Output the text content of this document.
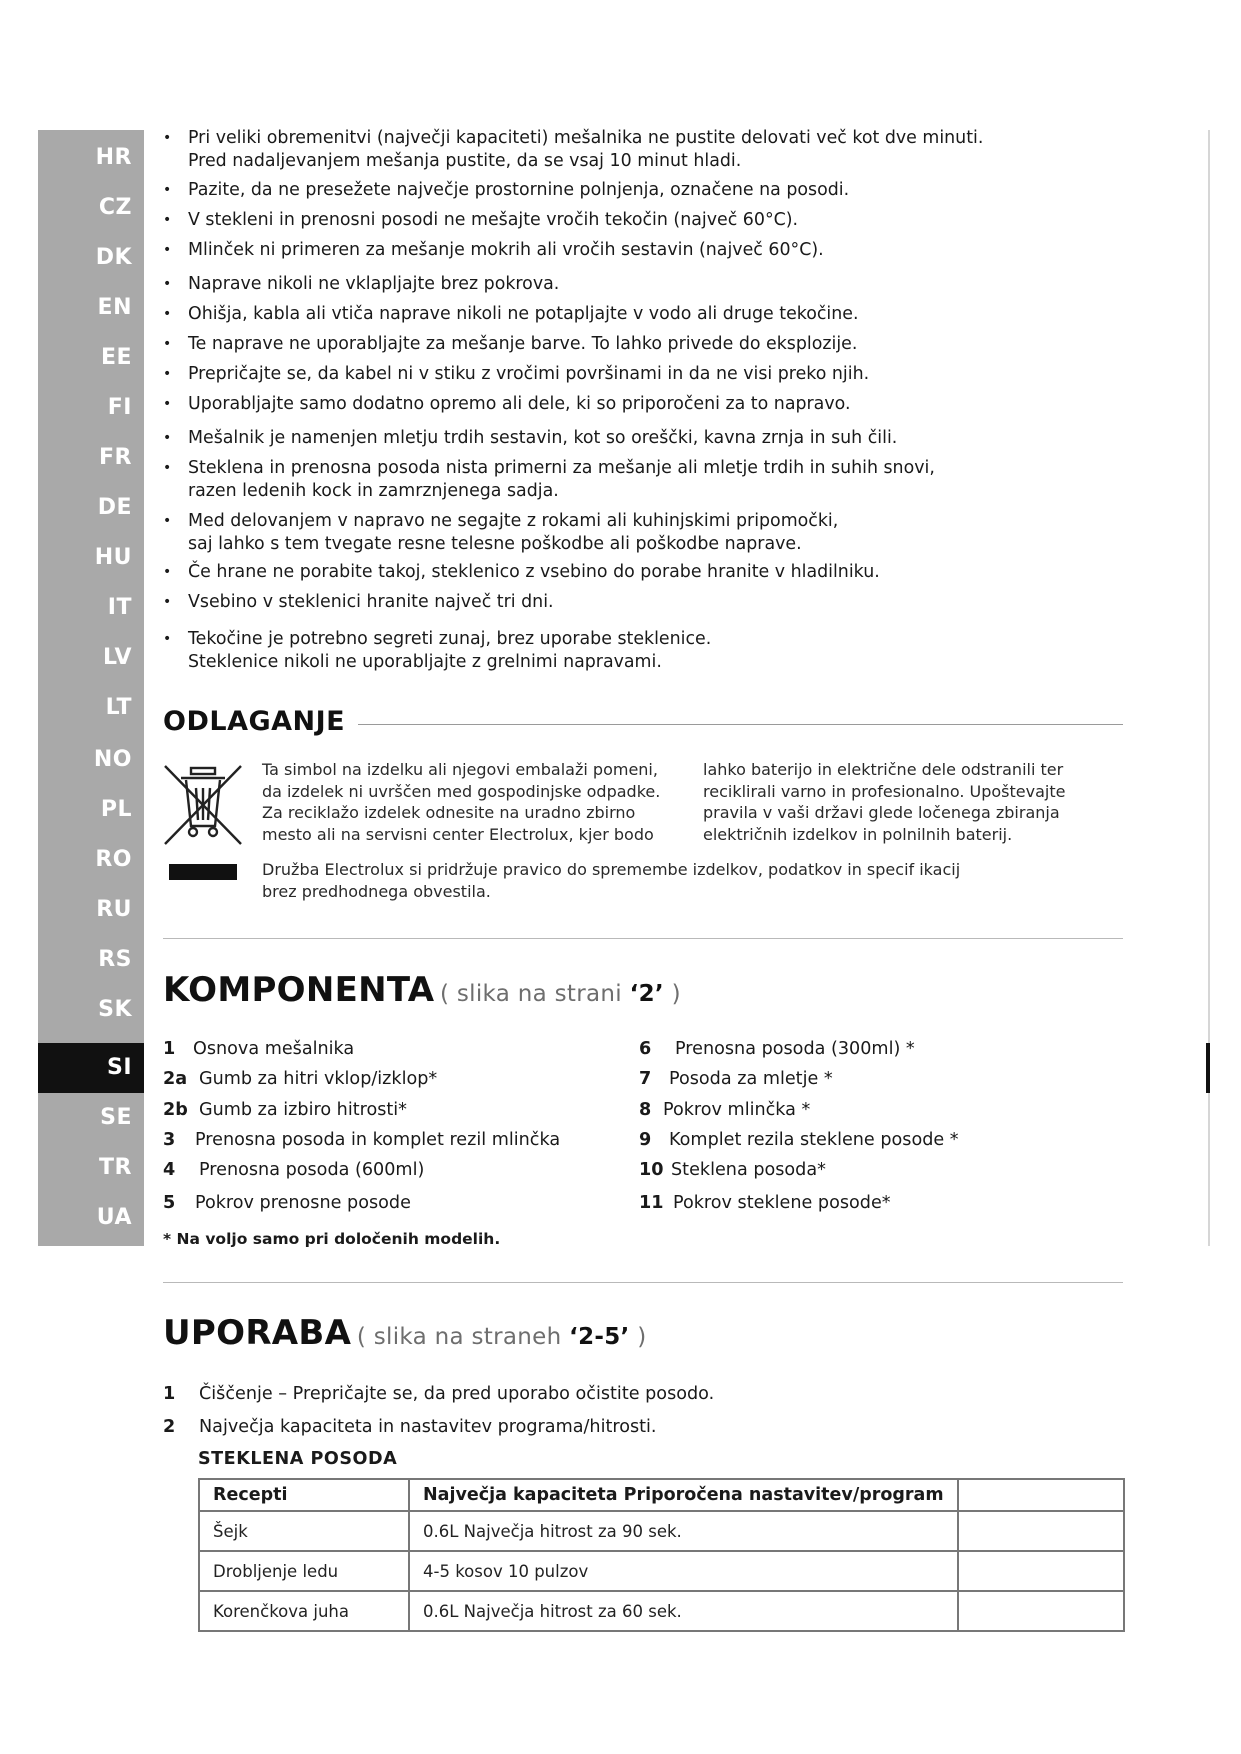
HR
CZ
DK
EN
EE
FI
FR
DE
HU
IT
LV
LT
NO
PL
RO
RU
RS
SK
SI
SE
TR
UA
• Pri veliki obremenitvi (največji kapaciteti) mešalnika ne pustite delovati več kot dve minuti.
Pred nadaljevanjem mešanja pustite, da se vsaj 10 minut hladi.
• Pazite, da ne presežete največje prostornine polnjenja, označene na posodi.
• V stekleni in prenosni posodi ne mešajte vročih tekočin (največ 60°C).
• Mlinček ni primeren za mešanje mokrih ali vročih sestavin (največ 60°C).
• Naprave nikoli ne vklapljajte brez pokrova.
• Ohišja, kabla ali vtiča naprave nikoli ne potapljajte v vodo ali druge tekočine.
• Te naprave ne uporabljajte za mešanje barve. To lahko privede do eksplozije.
• Prepričajte se, da kabel ni v stiku z vročimi površinami in da ne visi preko njih.
• Uporabljajte samo dodatno opremo ali dele, ki so priporočeni za to napravo.
• Mešalnik je namenjen mletju trdih sestavin, kot so oreščki, kavna zrnja in suh čili.
• Steklena in prenosna posoda nista primerni za mešanje ali mletje trdih in suhih snovi,
razen ledenih kock in zamrznjenega sadja.
• Med delovanjem v napravo ne segajte z rokami ali kuhinjskimi pripomočki,
saj lahko s tem tvegate resne telesne poškodbe ali poškodbe naprave.
• Če hrane ne porabite takoj, steklenico z vsebino do porabe hranite v hladilniku.
• Vsebino v steklenici hranite največ tri dni.
• Tekočine je potrebno segreti zunaj, brez uporabe steklenice.
Steklenice nikoli ne uporabljajte z grelnimi napravami.
ODLAGANJE
Ta simbol na izdelku ali njegovi embalaži pomeni,
da izdelek ni uvrščen med gospodinjske odpadke.
Za reciklažo izdelek odnesite na uradno zbirno
mesto ali na servisni center Electrolux, kjer bodo
lahko baterijo in električne dele odstranili ter
reciklirali varno in profesionalno. Upoštevajte
pravila v vaši državi glede ločenega zbiranja
električnih izdelkov in polnilnih baterij.
Družba Electrolux si pridržuje pravico do spremembe izdelkov, podatkov in specif ikacij
brez predhodnega obvestila.
KOMPONENTA ( slika na strani ‘2’ )
1 Osnova mešalnika
2a Gumb za hitri vklop/izklop*
2b Gumb za izbiro hitrosti*
3 Prenosna posoda in komplet rezil mlinčka
4 Prenosna posoda (600ml)
5 Pokrov prenosne posode
6 Prenosna posoda (300ml) *
7 Posoda za mletje *
8 Pokrov mlinčka *
9 Komplet rezila steklene posode *
10 Steklena posoda*
11 Pokrov steklene posode*
* Na voljo samo pri določenih modelih.
UPORABA ( slika na straneh ‘2-5’ )
1 Čiščenje – Prepričajte se, da pred uporabo očistite posodo.
2 Največja kapaciteta in nastavitev programa/hitrosti.
STEKLENA POSODA
Recepti	Največja kapaciteta Priporočena nastavitev/program	
Šejk	0.6L Največja hitrost za 90 sek.	
Drobljenje ledu	4-5 kosov 10 pulzov	
Korenčkova juha	0.6L Največja hitrost za 60 sek.	
